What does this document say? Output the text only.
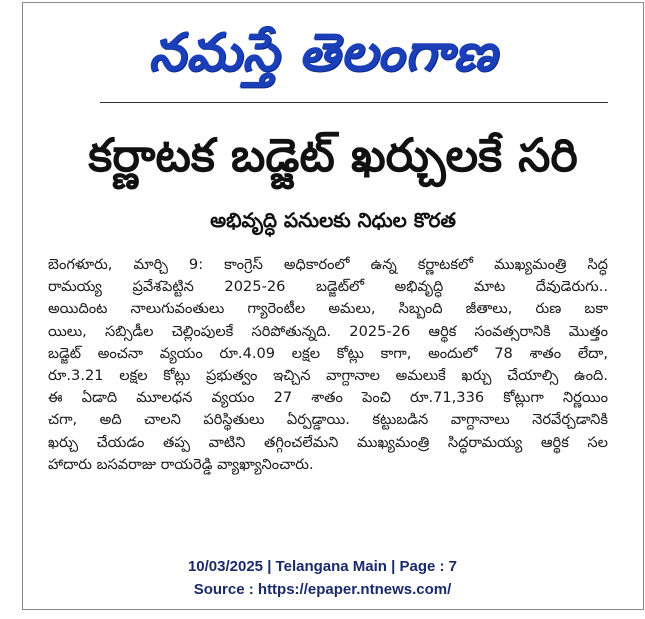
నమస్తే తెలంగాణ
కర్ణాటక బడ్జెట్ ఖర్చులకే సరి
అభివృద్ధి పనులకు నిధుల కొరత
బెంగళూరు, మార్చి 9: కాంగ్రెస్ అధికారంలో ఉన్న కర్ణాటకలో ముఖ్యమంత్రి సిద్ధ
రామయ్య ప్రవేశపెట్టిన 2025-26 బడ్జెట్‌లో అభివృద్ధి మాట దేవుడెరుగు..
అయిదింట నాలుగువంతులు గ్యారెంటీల అమలు, సిబ్బంది జీతాలు, రుణ బకా
యిలు, సబ్సిడీల చెల్లింపులకే సరిపోతున్నది. 2025-26 ఆర్థిక సంవత్సరానికి మొత్తం
బడ్జెట్ అంచనా వ్యయం రూ.4.09 లక్షల కోట్లు కాగా, అందులో 78 శాతం లేదా,
రూ.3.21 లక్షల కోట్లు ప్రభుత్వం ఇచ్చిన వాగ్దానాల అమలుకే ఖర్చు చేయాల్సి ఉంది.
ఈ ఏడాది మూలధన వ్యయం 27 శాతం పెంచి రూ.71,336 కోట్లుగా నిర్ణయిం
చగా, అది చాలని పరిస్థితులు ఏర్పడ్డాయి. కట్టుబడిన వాగ్దానాలు నెరవేర్చడానికి
ఖర్చు చేయడం తప్ప వాటిని తగ్గించలేమని ముఖ్యమంత్రి సిద్ధరామయ్య ఆర్థిక సల
హాదారు బసవరాజు రాయరెడ్డి వ్యాఖ్యానించారు.
10/03/2025 | Telangana Main | Page : 7
Source : https://epaper.ntnews.com/
